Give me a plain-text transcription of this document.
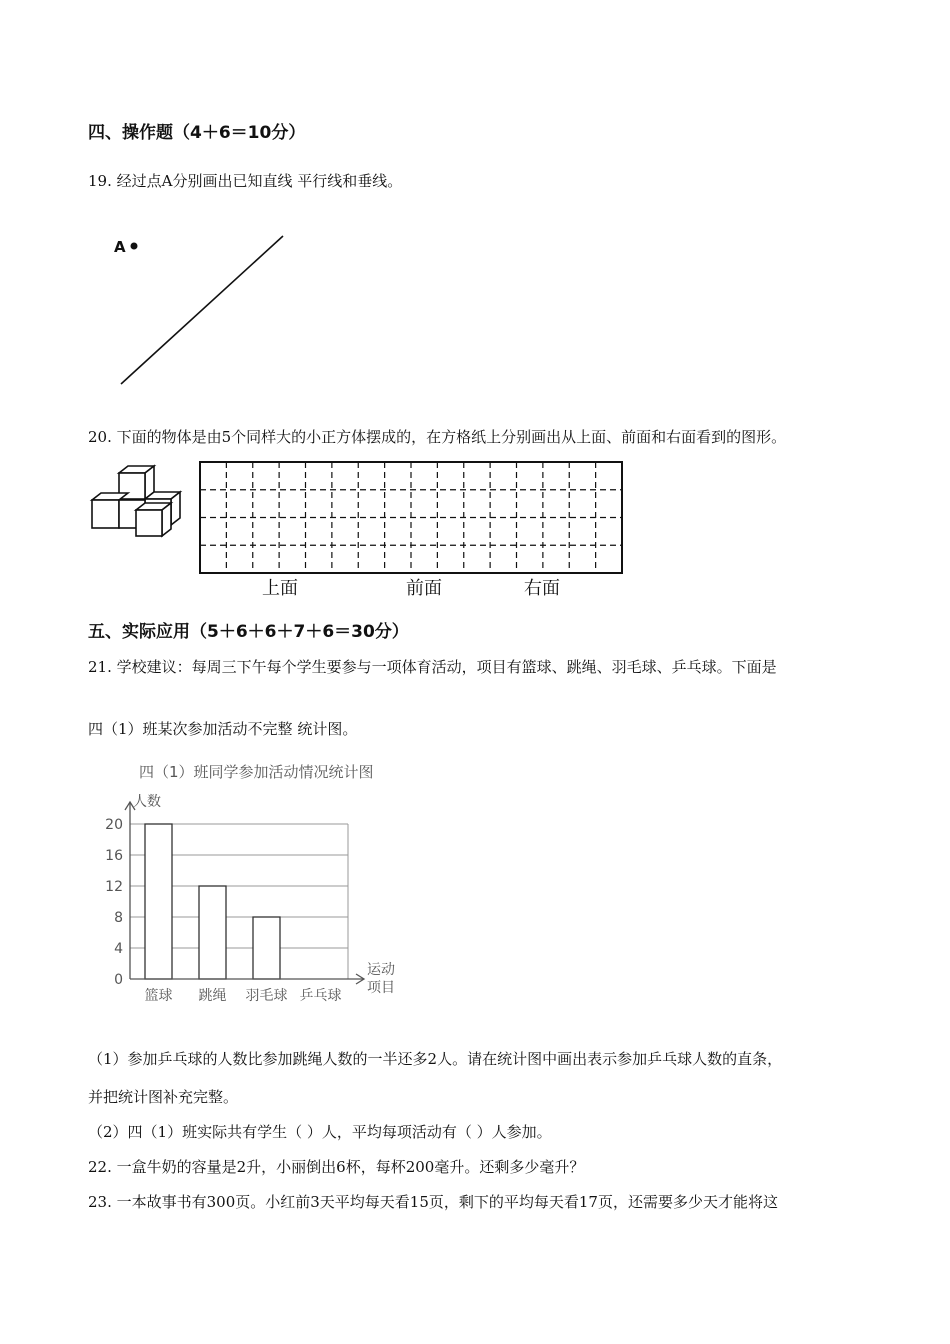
四、操作题（4＋6＝10分）
19. 经过点A分别画出已知直线 平行线和垂线。
A
20. 下面的物体是由5个同样大的小正方体摆成的，在方格纸上分别画出从上面、前面和右面看到的图形。
上面	前面	右面
五、实际应用（5＋6＋6＋7＋6＝30分）
21. 学校建议：每周三下午每个学生要参与一项体育活动，项目有篮球、跳绳、羽毛球、乒乓球。下面是
四（1）班某次参加活动不完整 统计图。
四（1）班同学参加活动情况统计图
人数
运动
项目
0
4
8
12
16
20
篮球 跳绳 羽毛球 乒乓球
（1）参加乒乓球的人数比参加跳绳人数的一半还多2人。请在统计图中画出表示参加乒乓球人数的直条，
并把统计图补充完整。
（2）四（1）班实际共有学生（ ）人，平均每项活动有（ ）人参加。
22. 一盒牛奶的容量是2升，小丽倒出6杯，每杯200毫升。还剩多少毫升？
23. 一本故事书有300页。小红前3天平均每天看15页，剩下的平均每天看17页，还需要多少天才能将这
